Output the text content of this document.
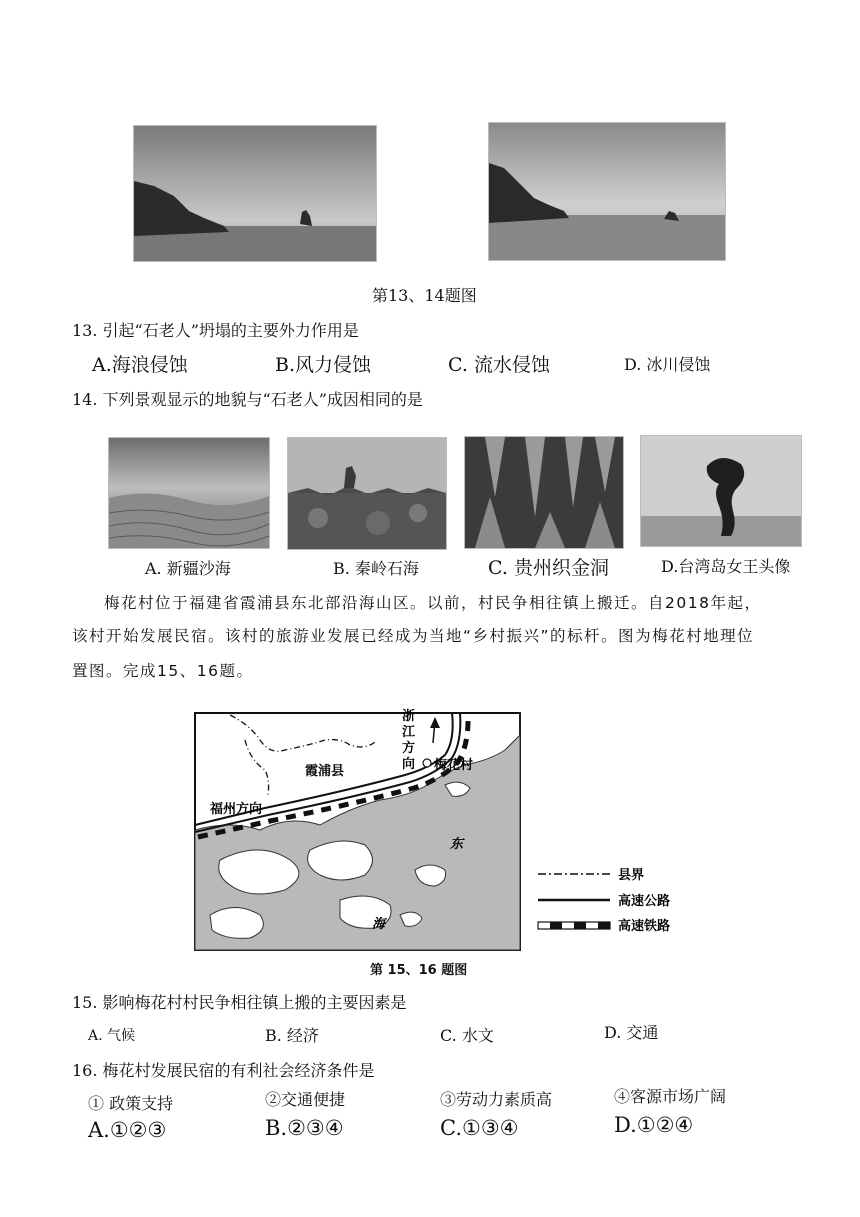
第13、14题图
13. 引起“石老人”坍塌的主要外力作用是
A.海浪侵蚀	B.风力侵蚀	C. 流水侵蚀	D. 冰川侵蚀
14. 下列景观显示的地貌与“石老人”成因相同的是
A. 新疆沙海	B. 秦岭石海	C. 贵州织金洞	D.台湾岛女王头像
梅花村位于福建省霞浦县东北部沿海山区。以前，村民争相往镇上搬迁。自2018年起，
该村开始发展民宿。该村的旅游业发展已经成为当地“乡村振兴”的标杆。图为梅花村地理位
置图。完成15、16题。
霞浦县	梅花村
福州方向
浙
江
方
向
东
海
县界
高速公路
高速铁路
第 15、16 题图
15. 影响梅花村村民争相往镇上搬的主要因素是
A. 气候	B. 经济	C. 水文	D. 交通
16. 梅花村发展民宿的有利社会经济条件是
① 政策支持	②交通便捷	③劳动力素质高	④客源市场广阔
A.①②③	B.②③④	C.①③④	D.①②④
